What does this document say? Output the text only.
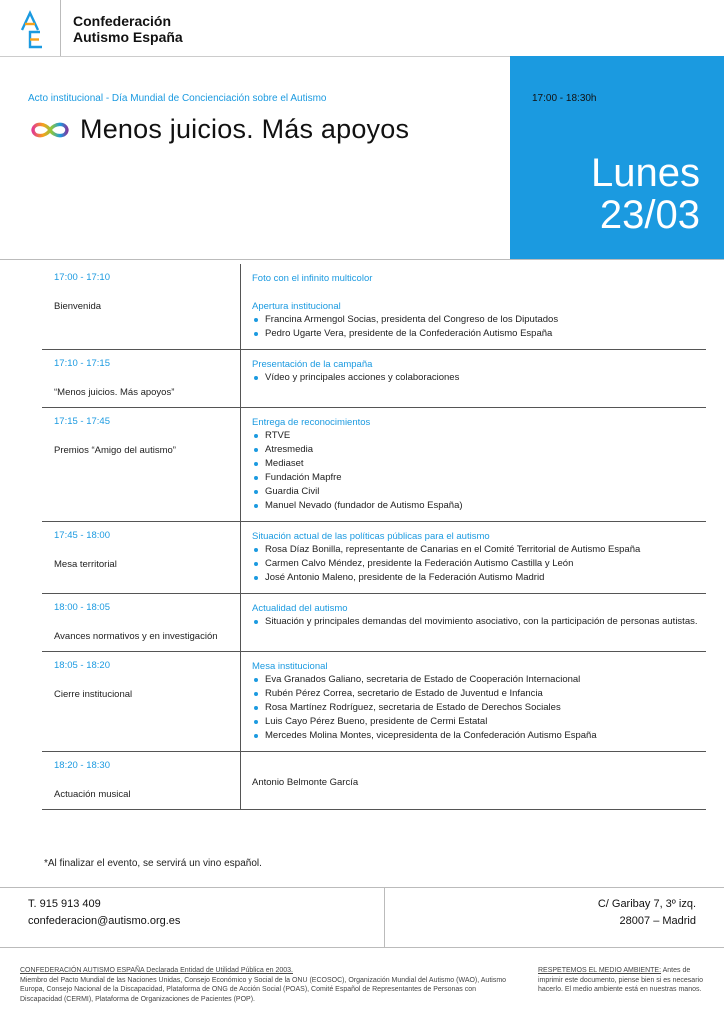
Confederación
Autismo España
Acto institucional - Día Mundial de Concienciación sobre el Autismo
Menos juicios. Más apoyos
17:00 - 18:30h
Lunes
23/03
17:00 - 17:10
Bienvenida
Foto con el infinito multicolor
Apertura institucional
Francina Armengol Socias, presidenta del Congreso de los Diputados
Pedro Ugarte Vera, presidente de la Confederación Autismo España
17:10 - 17:15
“Menos juicios. Más apoyos”
Presentación de la campaña
Vídeo y principales acciones y colaboraciones
17:15 - 17:45
Premios “Amigo del autismo”
Entrega de reconocimientos
RTVE
Atresmedia
Mediaset
Fundación Mapfre
Guardia Civil
Manuel Nevado (fundador de Autismo España)
17:45 - 18:00
Mesa territorial
Situación actual de las políticas públicas para el autismo
Rosa Díaz Bonilla, representante de Canarias en el Comité Territorial de Autismo España
Carmen Calvo Méndez, presidente la Federación Autismo Castilla y León
José Antonio Maleno, presidente de la Federación Autismo Madrid
18:00 - 18:05
Avances normativos y en investigación
Actualidad del autismo
Situación y principales demandas del movimiento asociativo, con la participación de personas autistas.
18:05 - 18:20
Cierre institucional
Mesa institucional
Eva Granados Galiano, secretaria de Estado de Cooperación Internacional
Rubén Pérez Correa, secretario de Estado de Juventud e Infancia
Rosa Martínez Rodríguez, secretaria de Estado de Derechos Sociales
Luis Cayo Pérez Bueno, presidente de Cermi Estatal
Mercedes Molina Montes, vicepresidenta de la Confederación Autismo España
18:20 - 18:30
Actuación musical
Antonio Belmonte García
*Al finalizar el evento, se servirá un vino español.
T. 915 913 409
confederacion@autismo.org.es
C/ Garibay 7, 3º izq.
28007 – Madrid
CONFEDERACIÓN AUTISMO ESPAÑA Declarada Entidad de Utilidad Pública en 2003.
Miembro del Pacto Mundial de las Naciones Unidas, Consejo Económico y Social de la ONU (ECOSOC), Organización Mundial del Autismo (WAO), Autismo Europa, Consejo Nacional de la Discapacidad, Plataforma de ONG de Acción Social (POAS), Comité Español de Representantes de Personas con Discapacidad (CERMI), Plataforma de Organizaciones de Pacientes (POP).
RESPETEMOS EL MEDIO AMBIENTE: Antes de imprimir este documento, piense bien si es necesario hacerlo. El medio ambiente está en nuestras manos.
